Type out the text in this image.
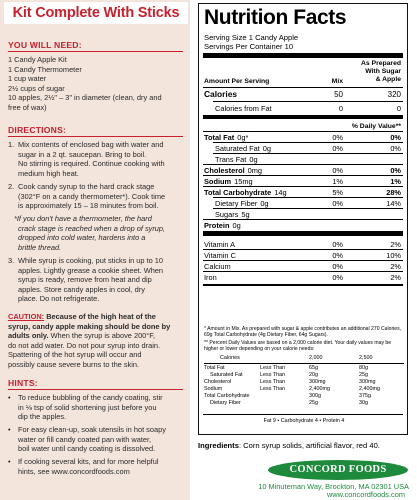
Kit Complete With Sticks
YOU WILL NEED:
1 Candy Apple Kit
1 Candy Thermometer
1 cup water
2½ cups of sugar
10 apples, 2½" – 3" in diameter (clean, dry and
free of wax)
DIRECTIONS:
1. Mix contents of enclosed bag with water and
sugar in a 2 qt. saucepan. Bring to boil.
No stirring is required. Continue cooking with
medium high heat.
2. Cook candy syrup to the hard crack stage
(302°F on a candy thermometer*). Cook time
is approximately 15 – 18 minutes from boil.
*If you don't have a thermometer, the hard
crack stage is reached when a drop of syrup,
dropped into cold water, hardens into a
brittle thread.
3. While syrup is cooking, put sticks in up to 10
apples. Lightly grease a cookie sheet. When
syrup is ready, remove from heat and dip
apples. Store candy apples in cool, dry
place. Do not refrigerate.
CAUTION: Because of the high heat of the
syrup, candy apple making should be done by
adults only. When the syrup is above 200°F,
do not add water. Do not pour syrup into drain.
Spattering of the hot syrup will occur and
possibly cause severe burns to the skin.
HINTS:
• To reduce bubbling of the candy coating, stir
in ⅛ tsp of solid shortening just before you
dip the apples.
• For easy clean-up, soak utensils in hot soapy
water or fill candy coated pan with water,
boil water until candy coating is dissolved.
• If cooking several kits, and for more helpful
hints, see www.concordfoods.com
Nutrition Facts
Serving Size 1 Candy Apple
Servings Per Container 10
As Prepared
With Sugar
& Apple
Amount Per Serving	Mix
Calories	50	320
Calories from Fat	0	0
% Daily Value**
Total Fat 0g*	0%	0%
Saturated Fat 0g	0%	0%
Trans Fat 0g
Cholesterol 0mg	0%	0%
Sodium 15mg	1%	1%
Total Carbohydrate 14g	5%	28%
Dietary Fiber 0g	0%	14%
Sugars 5g
Protein 0g
Vitamin A	0%	2%
Vitamin C	0%	10%
Calcium	0%	2%
Iron	0%	2%
* Amount in Mix. As prepared with sugar & apple contributes an additional 270 Calories, 69g Total Carbohydrate (4g Dietary Fiber, 64g Sugars).
** Percent Daily Values are based on a 2,000 calorie diet. Your daily values may be higher or lower depending on your calorie needs:
Calories	2,000	2,500
Total Fat	Less Than	65g	80g
Saturated Fat	Less Than	20g	25g
Cholesterol	Less Than	300mg	300mg
Sodium	Less Than	2,400mg	2,400mg
Total Carbohydrate	300g	375g
Dietary Fiber	25g	30g
Fat 9 • Carbohydrate 4 • Protein 4
Ingredients: Corn syrup solids, artificial flavor, red 40.
CONCORD FOODS
10 Minuteman Way, Brockton, MA 02301 USA
www.concordfoods.com
